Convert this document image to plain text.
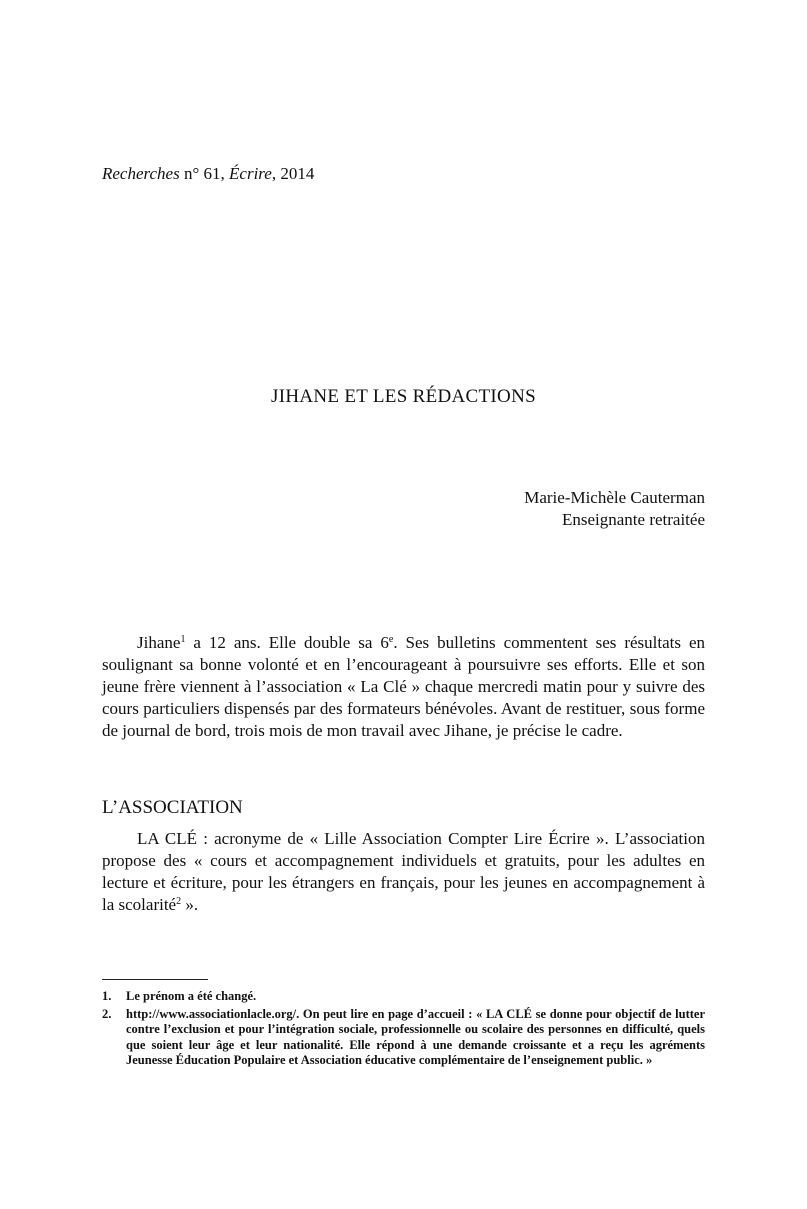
Recherches n° 61, Écrire, 2014
JIHANE ET LES RÉDACTIONS
Marie-Michèle Cauterman
Enseignante retraitée

Jihane$^1$ a 12 ans. Elle double sa 6e. Ses bulletins commentent ses résultats en soulignant sa bonne volonté et en l’encourageant à poursuivre ses efforts. Elle et son jeune frère viennent à l’association « La Clé » chaque mercredi matin pour y suivre des cours particuliers dispensés par des formateurs bénévoles. Avant de restituer, sous forme de journal de bord, trois mois de mon travail avec Jihane, je précise le cadre.

L’ASSOCIATION

LA CLÉ : acronyme de « Lille Association Compter Lire Écrire ». L’association propose des « cours et accompagnement individuels et gratuits, pour les adultes en lecture et écriture, pour les étrangers en français, pour les jeunes en accompagnement à la scolarité$^2$ ».

1. Le prénom a été changé.
2. http://www.associationlacle.org/. On peut lire en page d’accueil : « LA CLÉ se donne pour objectif de lutter contre l’exclusion et pour l’intégration sociale, professionnelle ou scolaire des personnes en difficulté, quels que soient leur âge et leur nationalité. Elle répond à une demande croissante et a reçu les agréments Jeunesse Éducation Populaire et Association éducative complémentaire de l’enseignement public. »
